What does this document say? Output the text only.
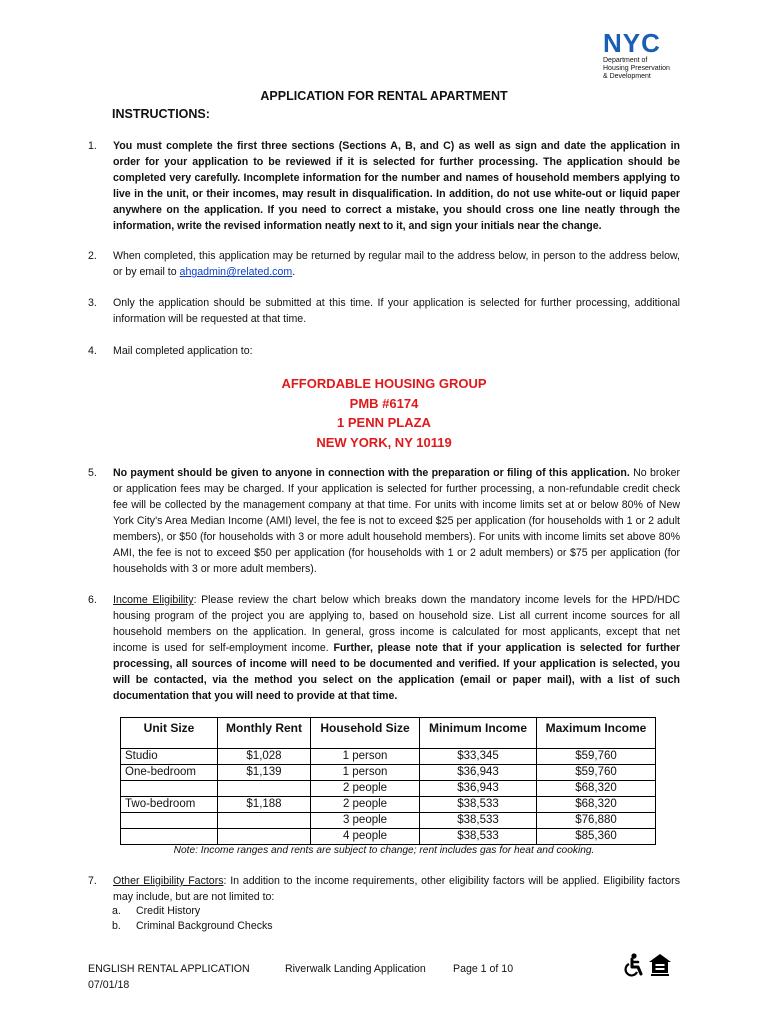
N Y C
Department of
Housing Preservation
& Development
APPLICATION FOR RENTAL APARTMENT
INSTRUCTIONS:
1.	You must complete the first three sections (Sections A, B, and C) as well as sign and date the application in order for your application to be reviewed if it is selected for further processing. The application should be completed very carefully. Incomplete information for the number and names of household members applying to live in the unit, or their incomes, may result in disqualification. In addition, do not use white-out or liquid paper anywhere on the application. If you need to correct a mistake, you should cross one line neatly through the information, write the revised information neatly next to it, and sign your initials near the change.
2.	When completed, this application may be returned by regular mail to the address below, in person to the address below, or by email to ahgadmin@related.com.
3.	Only the application should be submitted at this time. If your application is selected for further processing, additional information will be requested at that time.
4.	Mail completed application to:
AFFORDABLE HOUSING GROUP
PMB #6174
1 PENN PLAZA
NEW YORK, NY 10119
5.	No payment should be given to anyone in connection with the preparation or filing of this application. No broker or application fees may be charged. If your application is selected for further processing, a non-refundable credit check fee will be collected by the management company at that time. For units with income limits set at or below 80% of New York City's Area Median Income (AMI) level, the fee is not to exceed $25 per application (for households with 1 or 2 adult members), or $50 (for households with 3 or more adult household members). For units with income limits set above 80% AMI, the fee is not to exceed $50 per application (for households with 1 or 2 adult members) or $75 per application (for households with 3 or more adult members).
6.	Income Eligibility: Please review the chart below which breaks down the mandatory income levels for the HPD/HDC housing program of the project you are applying to, based on household size. List all current income sources for all household members on the application. In general, gross income is calculated for most applicants, except that net income is used for self-employment income. Further, please note that if your application is selected for further processing, all sources of income will need to be documented and verified. If your application is selected, you will be contacted, via the method you select on the application (email or paper mail), with a list of such documentation that you will need to provide at that time.
Unit Size	Monthly Rent	Household Size	Minimum Income	Maximum Income
Studio	$1,028	1 person	$33,345	$59,760
One-bedroom	$1,139	1 person	$36,943	$59,760
		2 people	$36,943	$68,320
Two-bedroom	$1,188	2 people	$38,533	$68,320
		3 people	$38,533	$76,880
		4 people	$38,533	$85,360
Note: Income ranges and rents are subject to change; rent includes gas for heat and cooking.
7.	Other Eligibility Factors: In addition to the income requirements, other eligibility factors will be applied. Eligibility factors may include, but are not limited to:
a. Credit History
b. Criminal Background Checks
ENGLISH RENTAL APPLICATION	Riverwalk Landing Application	Page 1 of 10
07/01/18
